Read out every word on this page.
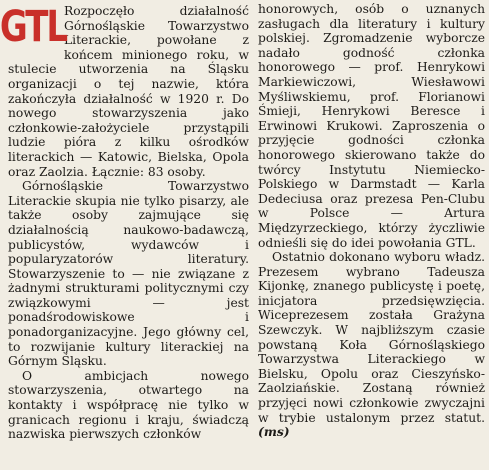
GTL

Rozpoczęło działalność Górnośląskie Towarzystwo Literackie, powołane z końcem minionego roku, w stulecie utworzenia na Śląsku organizacji o tej nazwie, która zakończyła działalność w 1920 r. Do nowego stowarzyszenia jako członkowie-założyciele przystąpili ludzie pióra z kilku ośrodków literackich — Katowic, Bielska, Opola oraz Zaolzia. Łącznie: 83 osoby.

Górnośląskie Towarzystwo Literackie skupia nie tylko pisarzy, ale także osoby zajmujące się działalnością naukowo-badawczą, publicystów, wydawców i popularyzatorów literatury. Stowarzyszenie to — nie związane z żadnymi strukturami politycznymi czy związkowymi — jest ponadśrodowiskowe i ponadorganizacyjne. Jego główny cel, to rozwijanie kultury literackiej na Górnym Śląsku.

O ambicjach nowego stowarzyszenia, otwartego na kontakty i współpracę nie tylko w granicach regionu i kraju, świadczą nazwiska pierwszych członków

honorowych, osób o uznanych zasługach dla literatury i kultury polskiej. Zgromadzenie wyborcze nadało godność członka honorowego — prof. Henrykowi Markiewiczowi, Wiesławowi Myśliwskiemu, prof. Florianowi Śmieji, Henrykowi Beresce i Erwinowi Krukowi. Zaproszenia o przyjęcie godności członka honorowego skierowano także do twórcy Instytutu Niemiecko-Polskiego w Darmstadt — Karla Dedeciusa oraz prezesa Pen-Clubu w Polsce — Artura Międzyrzeckiego, którzy życzliwie odnieśli się do idei powołania GTL.

Ostatnio dokonano wyboru władz. Prezesem wybrano Tadeusza Kijonkę, znanego publicystę i poetę, inicjatora przedsięwzięcia. Wiceprezesem została Grażyna Szewczyk. W najbliższym czasie powstaną Koła Górnośląskiego Towarzystwa Literackiego w Bielsku, Opolu oraz Cieszyńsko-Zaolziańskie. Zostaną również przyjęci nowi członkowie zwyczajni w trybie ustalonym przez statut. (ms)
